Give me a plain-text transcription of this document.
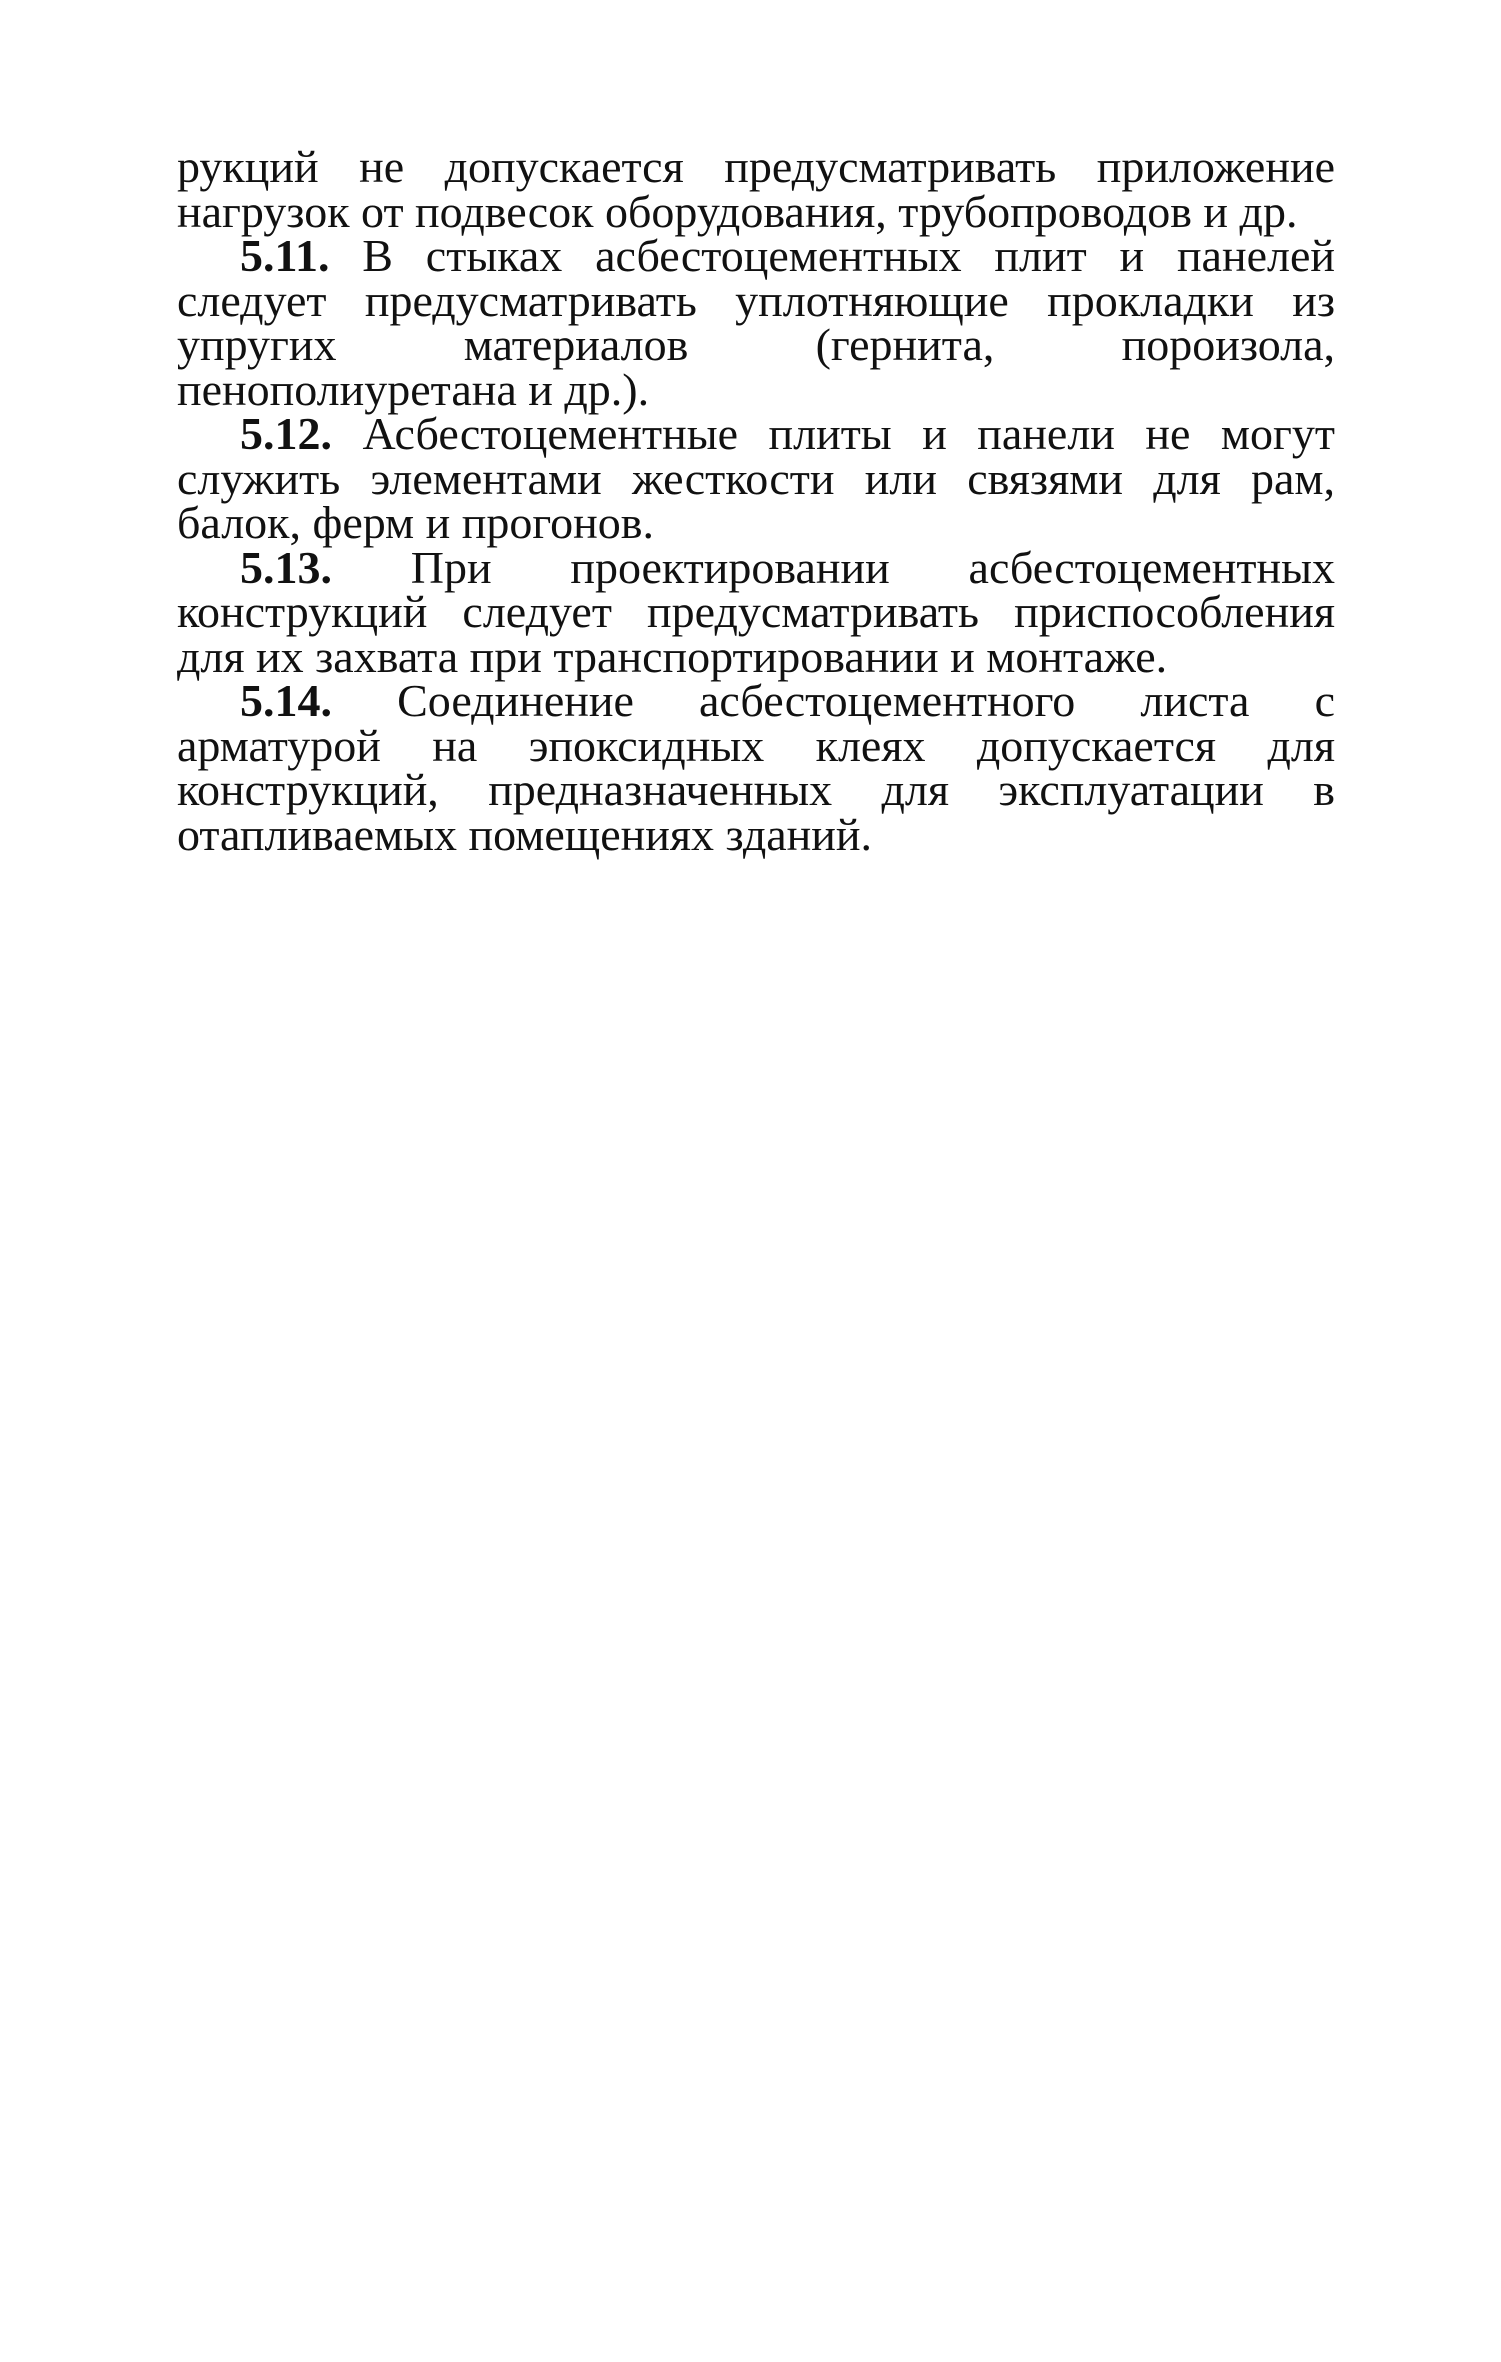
рукций не допускается предусматривать приложение нагрузок от подвесок оборудования, трубопроводов и др.

5.11. В стыках асбестоцементных плит и панелей следует предусматривать уплотняющие прокладки из упругих материалов (гернита, пороизола, пенополиуретана и др.).

5.12. Асбестоцементные плиты и панели не могут служить элементами жесткости или связями для рам, балок, ферм и прогонов.

5.13. При проектировании асбестоцементных конструкций следует предусматривать приспособления для их захвата при транспортировании и монтаже.

5.14. Соединение асбестоцементного листа с арматурой на эпоксидных клеях допускается для конструкций, предназначенных для эксплуатации в отапливаемых помещениях зданий.
